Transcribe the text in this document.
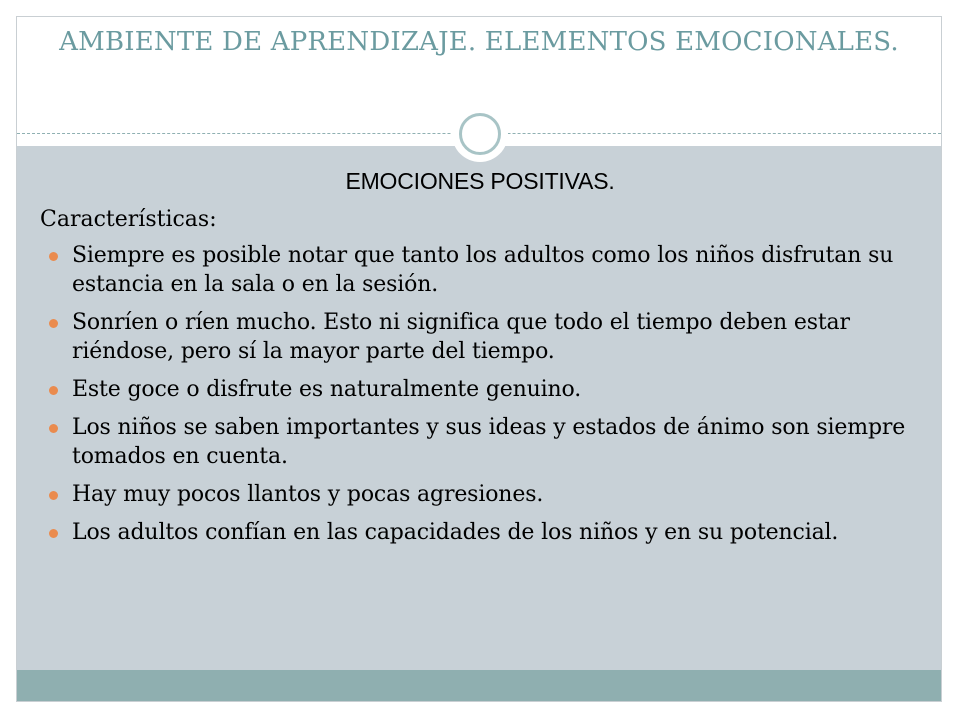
AMBIENTE DE APRENDIZAJE. ELEMENTOS EMOCIONALES.

EMOCIONES POSITIVAS.

Características:

Siempre es posible notar que tanto los adultos como los niños disfrutan su estancia en la sala o en la sesión.
Sonríen o ríen mucho. Esto ni significa que todo el tiempo deben estar riéndose, pero sí la mayor parte del tiempo.
Este goce o disfrute es naturalmente genuino.
Los niños se saben importantes y sus ideas y estados de ánimo son siempre tomados en cuenta.
Hay muy pocos llantos y pocas agresiones.
Los adultos confían en las capacidades de los niños y en su potencial.
